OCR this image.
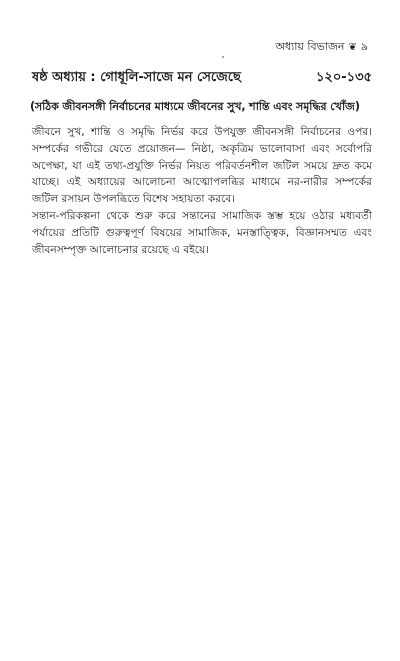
অধ্যায় বিভাজন ❦ ৯
ষষ্ঠ অধ্যায় : গোধূলি-সাজে মন সেজেছে	১২০-১৩৫
(সঠিক জীবনসঙ্গী নির্বাচনের মাধ্যমে জীবনের সুখ, শান্তি এবং সমৃদ্ধির খোঁজ)

জীবনে সুখ, শান্তি ও সমৃদ্ধি নির্ভর করে উপযুক্ত জীবনসঙ্গী নির্বাচনের ওপর। সম্পর্কের গভীরে যেতে প্রয়োজন— নিষ্ঠা, অকৃত্রিম ভালোবাসা এবং সর্বোপরি অপেক্ষা, যা এই তথ্য-প্রযুক্তি নির্ভর নিয়ত পরিবর্তনশীল জটিল সময়ে দ্রুত কমে যাচ্ছে। এই অধ্যায়ের আলোচনা আত্মোপলব্ধির মাধ্যমে নর-নারীর সম্পর্কের জটিল রসায়ন উপলব্ধিতে বিশেষ সহায়তা করবে।

সন্তান-পরিকল্পনা থেকে শুরু করে সন্তানের সামাজিক স্তম্ভ হয়ে ওঠার মধ্যবর্তী পর্যায়ের প্রতিটি গুরুত্বপূর্ণ বিষয়ের সামাজিক, মনস্তাত্ত্বিক, বিজ্ঞানসম্মত এবং জীবনসম্পৃক্ত আলোচনার রয়েছে এ বইয়ে।
